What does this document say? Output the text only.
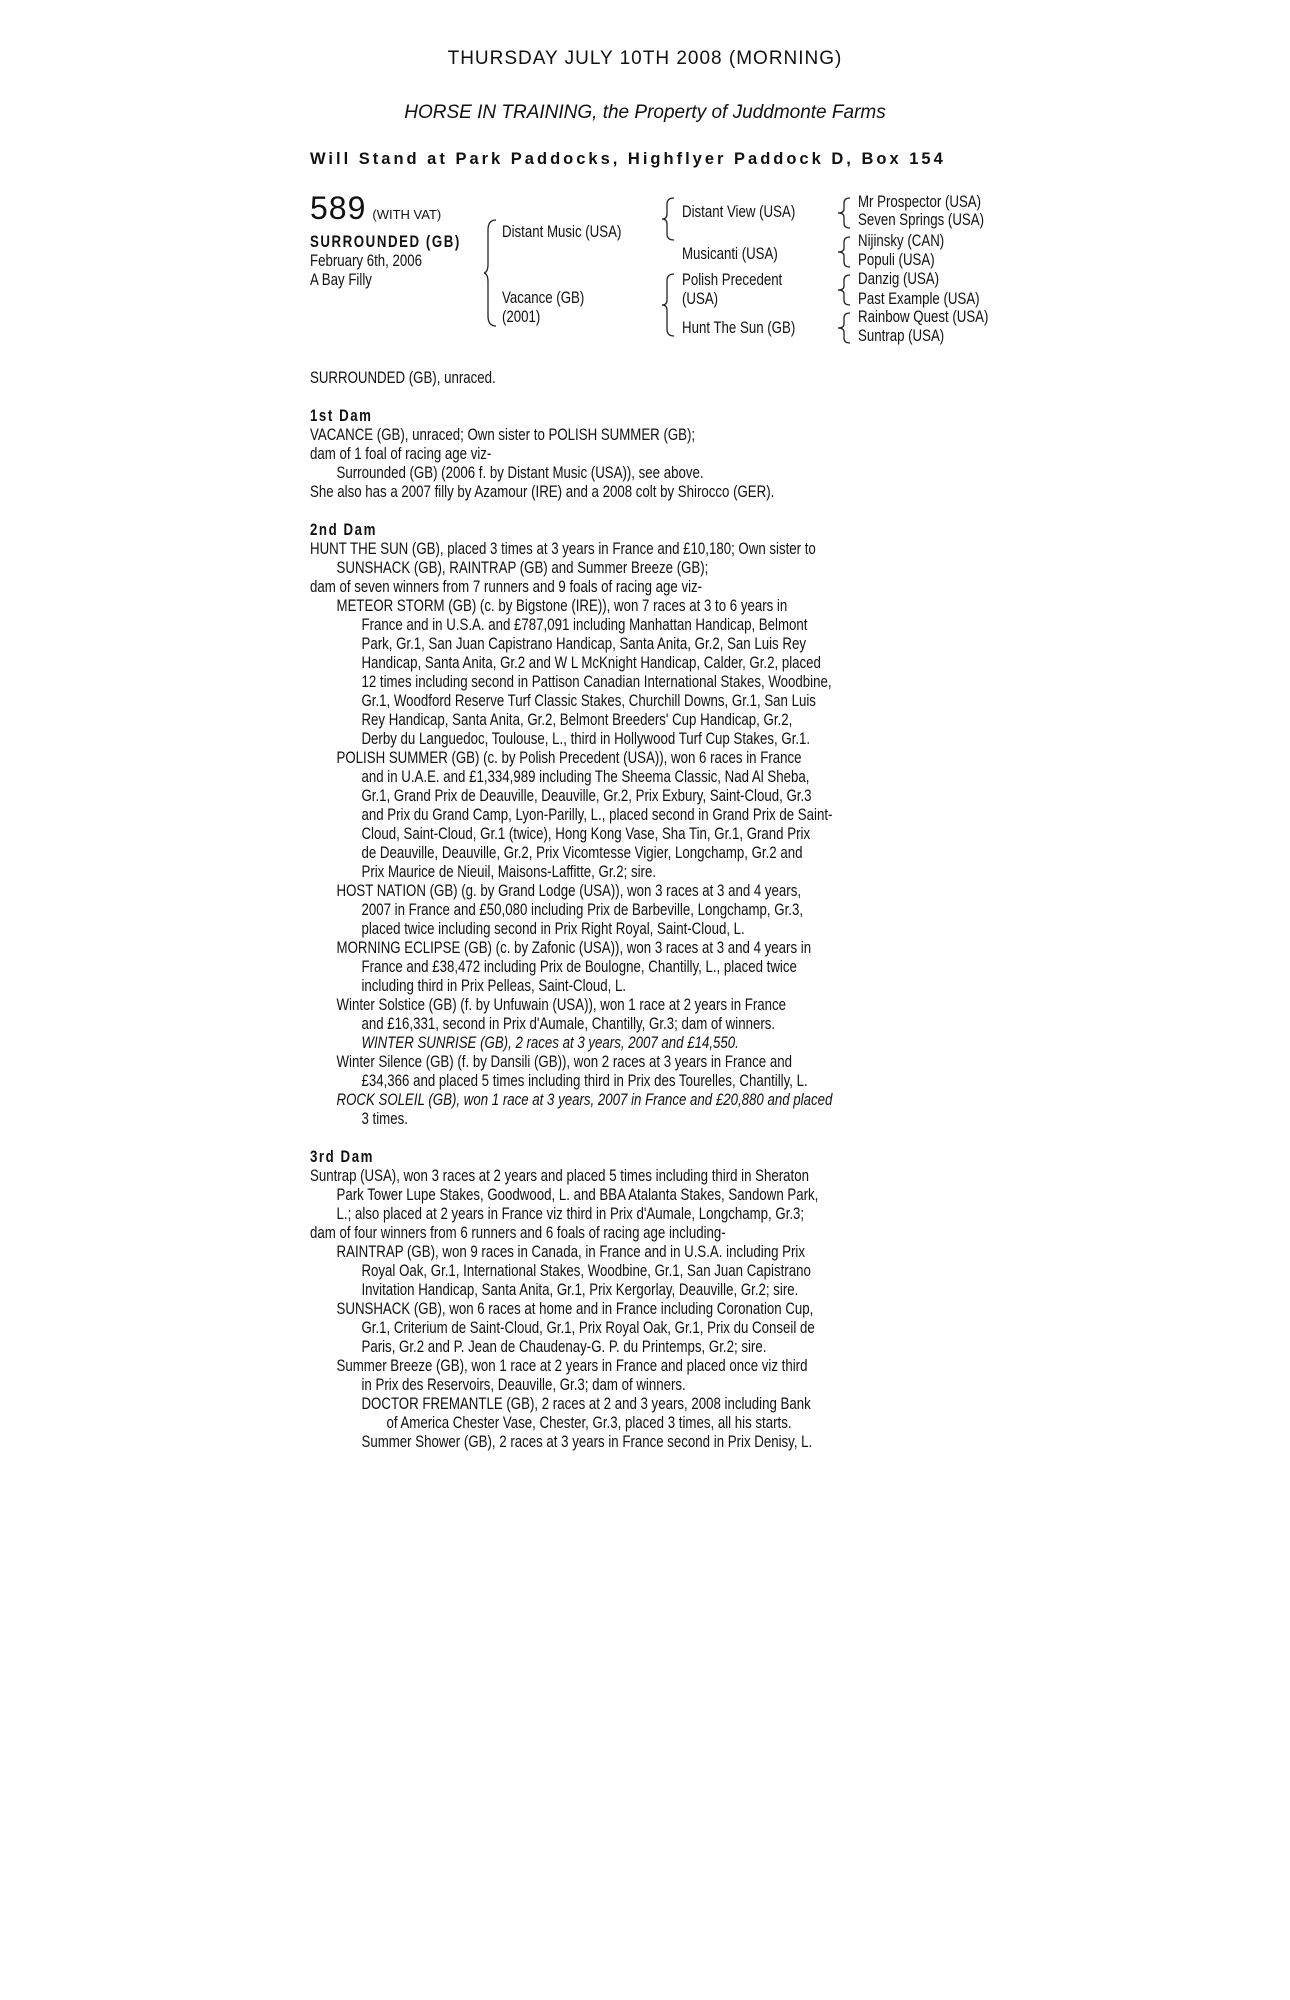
THURSDAY JULY 10TH 2008 (MORNING)
HORSE IN TRAINING, the Property of Juddmonte Farms
Will Stand at Park Paddocks, Highflyer Paddock D, Box 154
589 (WITH VAT)
SURROUNDED (GB)
February 6th, 2006
A Bay Filly
Distant Music (USA)
Vacance (GB)
(2001)
Distant View (USA)
Musicanti (USA)
Polish Precedent
(USA)
Hunt The Sun (GB)
Mr Prospector (USA)
Seven Springs (USA)
Nijinsky (CAN)
Populi (USA)
Danzig (USA)
Past Example (USA)
Rainbow Quest (USA)
Suntrap (USA)
SURROUNDED (GB), unraced.
1st Dam
VACANCE (GB), unraced; Own sister to POLISH SUMMER (GB);
dam of 1 foal of racing age viz-
Surrounded (GB) (2006 f. by Distant Music (USA)), see above.
She also has a 2007 filly by Azamour (IRE) and a 2008 colt by Shirocco (GER).
2nd Dam
HUNT THE SUN (GB), placed 3 times at 3 years in France and £10,180; Own sister to
SUNSHACK (GB), RAINTRAP (GB) and Summer Breeze (GB);
dam of seven winners from 7 runners and 9 foals of racing age viz-
METEOR STORM (GB) (c. by Bigstone (IRE)), won 7 races at 3 to 6 years in
France and in U.S.A. and £787,091 including Manhattan Handicap, Belmont
Park, Gr.1, San Juan Capistrano Handicap, Santa Anita, Gr.2, San Luis Rey
Handicap, Santa Anita, Gr.2 and W L McKnight Handicap, Calder, Gr.2, placed
12 times including second in Pattison Canadian International Stakes, Woodbine,
Gr.1, Woodford Reserve Turf Classic Stakes, Churchill Downs, Gr.1, San Luis
Rey Handicap, Santa Anita, Gr.2, Belmont Breeders' Cup Handicap, Gr.2,
Derby du Languedoc, Toulouse, L., third in Hollywood Turf Cup Stakes, Gr.1.
POLISH SUMMER (GB) (c. by Polish Precedent (USA)), won 6 races in France
and in U.A.E. and £1,334,989 including The Sheema Classic, Nad Al Sheba,
Gr.1, Grand Prix de Deauville, Deauville, Gr.2, Prix Exbury, Saint-Cloud, Gr.3
and Prix du Grand Camp, Lyon-Parilly, L., placed second in Grand Prix de Saint-
Cloud, Saint-Cloud, Gr.1 (twice), Hong Kong Vase, Sha Tin, Gr.1, Grand Prix
de Deauville, Deauville, Gr.2, Prix Vicomtesse Vigier, Longchamp, Gr.2 and
Prix Maurice de Nieuil, Maisons-Laffitte, Gr.2; sire.
HOST NATION (GB) (g. by Grand Lodge (USA)), won 3 races at 3 and 4 years,
2007 in France and £50,080 including Prix de Barbeville, Longchamp, Gr.3,
placed twice including second in Prix Right Royal, Saint-Cloud, L.
MORNING ECLIPSE (GB) (c. by Zafonic (USA)), won 3 races at 3 and 4 years in
France and £38,472 including Prix de Boulogne, Chantilly, L., placed twice
including third in Prix Pelleas, Saint-Cloud, L.
Winter Solstice (GB) (f. by Unfuwain (USA)), won 1 race at 2 years in France
and £16,331, second in Prix d'Aumale, Chantilly, Gr.3; dam of winners.
WINTER SUNRISE (GB), 2 races at 3 years, 2007 and £14,550.
Winter Silence (GB) (f. by Dansili (GB)), won 2 races at 3 years in France and
£34,366 and placed 5 times including third in Prix des Tourelles, Chantilly, L.
ROCK SOLEIL (GB), won 1 race at 3 years, 2007 in France and £20,880 and placed
3 times.
3rd Dam
Suntrap (USA), won 3 races at 2 years and placed 5 times including third in Sheraton
Park Tower Lupe Stakes, Goodwood, L. and BBA Atalanta Stakes, Sandown Park,
L.; also placed at 2 years in France viz third in Prix d'Aumale, Longchamp, Gr.3;
dam of four winners from 6 runners and 6 foals of racing age including-
RAINTRAP (GB), won 9 races in Canada, in France and in U.S.A. including Prix
Royal Oak, Gr.1, International Stakes, Woodbine, Gr.1, San Juan Capistrano
Invitation Handicap, Santa Anita, Gr.1, Prix Kergorlay, Deauville, Gr.2; sire.
SUNSHACK (GB), won 6 races at home and in France including Coronation Cup,
Gr.1, Criterium de Saint-Cloud, Gr.1, Prix Royal Oak, Gr.1, Prix du Conseil de
Paris, Gr.2 and P. Jean de Chaudenay-G. P. du Printemps, Gr.2; sire.
Summer Breeze (GB), won 1 race at 2 years in France and placed once viz third
in Prix des Reservoirs, Deauville, Gr.3; dam of winners.
DOCTOR FREMANTLE (GB), 2 races at 2 and 3 years, 2008 including Bank
of America Chester Vase, Chester, Gr.3, placed 3 times, all his starts.
Summer Shower (GB), 2 races at 3 years in France second in Prix Denisy, L.
